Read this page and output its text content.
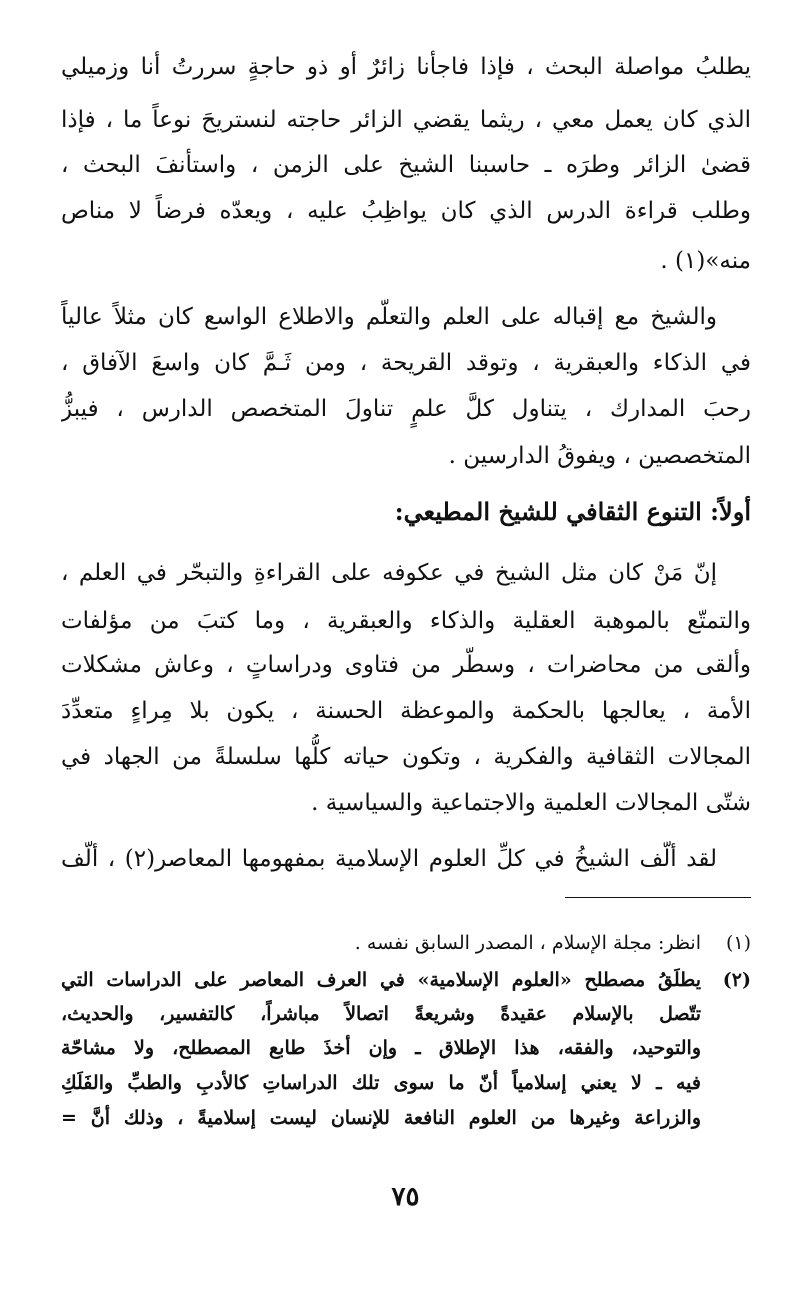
يطلبُ مواصلة البحث ، فإذا فاجأنا زائرٌ أو ذو حاجةٍ سررتُ أنا وزميلي
الذي كان يعمل معي ، ريثما يقضي الزائر حاجته لنستريحَ نوعاً ما ، فإذا
قضىٰ الزائر وطرَه ـ حاسبنا الشيخ على الزمن ، واستأنفَ البحث ،
وطلب قراءة الدرس الذي كان يواظِبُ عليه ، ويعدّه فرضاً لا مناص
منه»(١) .
والشيخ مع إقباله على العلم والتعلّم والاطلاع الواسع كان مثلاً عالياً
في الذكاء والعبقرية ، وتوقد القريحة ، ومن ثَـمَّ كان واسعَ الآفاق ،
رحبَ المدارك ، يتناول كلَّ علمٍ تناولَ المتخصص الدارس ، فيبزُّ
المتخصصين ، ويفوقُ الدارسين .
أولاً: التنوع الثقافي للشيخ المطيعي:
إنّ مَنْ كان مثل الشيخ في عكوفه على القراءةِ والتبحّر في العلم ،
والتمتّع بالموهبة العقلية والذكاء والعبقرية ، وما كتبَ من مؤلفات
وألقى من محاضرات ، وسطّر من فتاوى ودراساتٍ ، وعاش مشكلات
الأمة ، يعالجها بالحكمة والموعظة الحسنة ، يكون بلا مِراءٍ متعدِّدَ
المجالات الثقافية والفكرية ، وتكون حياته كلُّها سلسلةً من الجهاد في
شتّى المجالات العلمية والاجتماعية والسياسية .
لقد ألّف الشيخُ في كلِّ العلوم الإسلامية بمفهومها المعاصر(٢) ، ألّف
(١)
انظر: مجلة الإسلام ، المصدر السابق نفسه .
(٢)
يطلَقُ مصطلح «العلوم الإسلامية» في العرف المعاصر على الدراسات التي
تتّصل بالإسلام عقيدةً وشريعةً اتصالاً مباشراً، كالتفسير، والحديث،
والتوحيد، والفقه، هذا الإطلاق ـ وإن أخذَ طابع المصطلح، ولا مشاحّة
فيه ـ لا يعني إسلامياً أنّ ما سوى تلك الدراساتِ كالأدبِ والطبِّ والفَلَكِ
والزراعة وغيرها من العلوم النافعة للإنسان ليست إسلاميةً ، وذلك أنَّ =
٧٥
